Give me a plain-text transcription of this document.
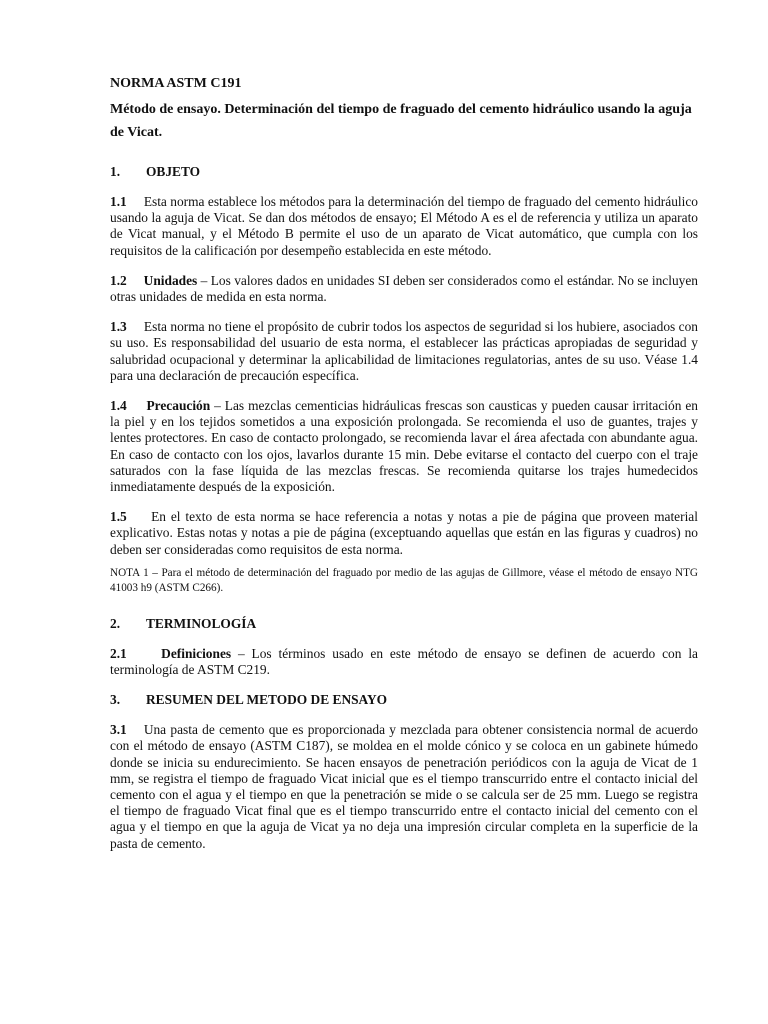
NORMA ASTM C191

Método de ensayo. Determinación del tiempo de fraguado del cemento hidráulico usando la aguja de Vicat.

1. OBJETO

1.1 Esta norma establece los métodos para la determinación del tiempo de fraguado del cemento hidráulico usando la aguja de Vicat. Se dan dos métodos de ensayo; El Método A es el de referencia y utiliza un aparato de Vicat manual, y el Método B permite el uso de un aparato de Vicat automático, que cumpla con los requisitos de la calificación por desempeño establecida en este método.

1.2 Unidades – Los valores dados en unidades SI deben ser considerados como el estándar. No se incluyen otras unidades de medida en esta norma.

1.3 Esta norma no tiene el propósito de cubrir todos los aspectos de seguridad si los hubiere, asociados con su uso. Es responsabilidad del usuario de esta norma, el establecer las prácticas apropiadas de seguridad y salubridad ocupacional y determinar la aplicabilidad de limitaciones regulatorias, antes de su uso. Véase 1.4 para una declaración de precaución específica.

1.4 Precaución – Las mezclas cementicias hidráulicas frescas son causticas y pueden causar irritación en la piel y en los tejidos sometidos a una exposición prolongada. Se recomienda el uso de guantes, trajes y lentes protectores. En caso de contacto prolongado, se recomienda lavar el área afectada con abundante agua. En caso de contacto con los ojos, lavarlos durante 15 min. Debe evitarse el contacto del cuerpo con el traje saturados con la fase líquida de las mezclas frescas. Se recomienda quitarse los trajes humedecidos inmediatamente después de la exposición.

1.5 En el texto de esta norma se hace referencia a notas y notas a pie de página que proveen material explicativo. Estas notas y notas a pie de página (exceptuando aquellas que están en las figuras y cuadros) no deben ser consideradas como requisitos de esta norma.

NOTA 1 – Para el método de determinación del fraguado por medio de las agujas de Gillmore, véase el método de ensayo NTG 41003 h9 (ASTM C266).

2. TERMINOLOGÍA

2.1	Definiciones – Los términos usado en este método de ensayo se definen de acuerdo con la terminología de ASTM C219.

3. RESUMEN DEL METODO DE ENSAYO

3.1 Una pasta de cemento que es proporcionada y mezclada para obtener consistencia normal de acuerdo con el método de ensayo (ASTM C187), se moldea en el molde cónico y se coloca en un gabinete húmedo donde se inicia su endurecimiento. Se hacen ensayos de penetración periódicos con la aguja de Vicat de 1 mm, se registra el tiempo de fraguado Vicat inicial que es el tiempo transcurrido entre el contacto inicial del cemento con el agua y el tiempo en que la penetración se mide o se calcula ser de 25 mm. Luego se registra el tiempo de fraguado Vicat final que es el tiempo transcurrido entre el contacto inicial del cemento con el agua y el tiempo en que la aguja de Vicat ya no deja una impresión circular completa en la superficie de la pasta de cemento.
